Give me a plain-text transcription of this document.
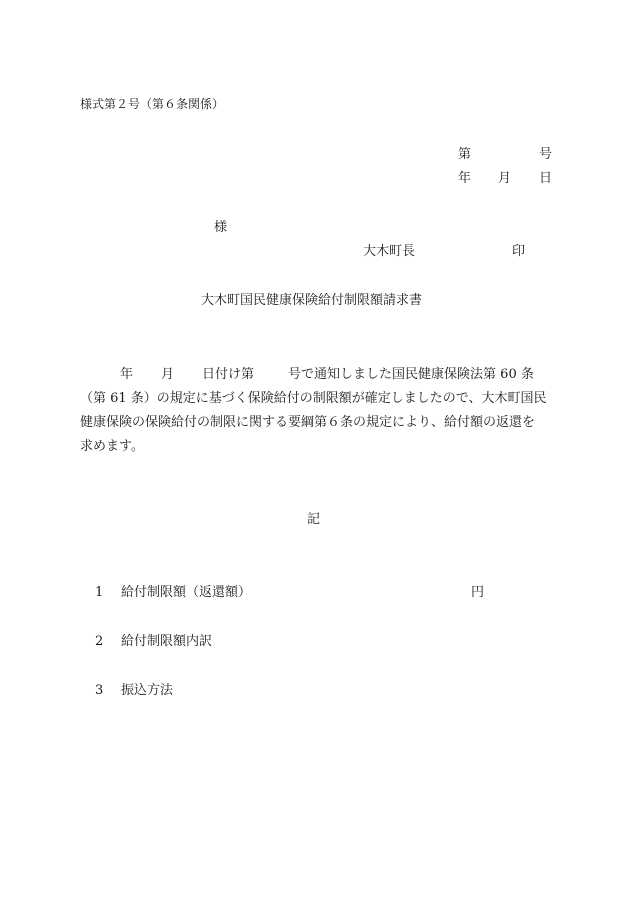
様式第２号（第６条関係）
第	号
年 月 日
様
大木町長	印
大木町国民健康保険給付制限額請求書
年 月 日付け第	号で通知しました国民健康保険法第 60 条
（第 61 条）の規定に基づく保険給付の制限額が確定しましたので、大木町国民
健康保険の保険給付の制限に関する要綱第６条の規定により、給付額の返還を
求めます。
記
1 給付制限額（返還額）	円
2 給付制限額内訳
3 振込方法
